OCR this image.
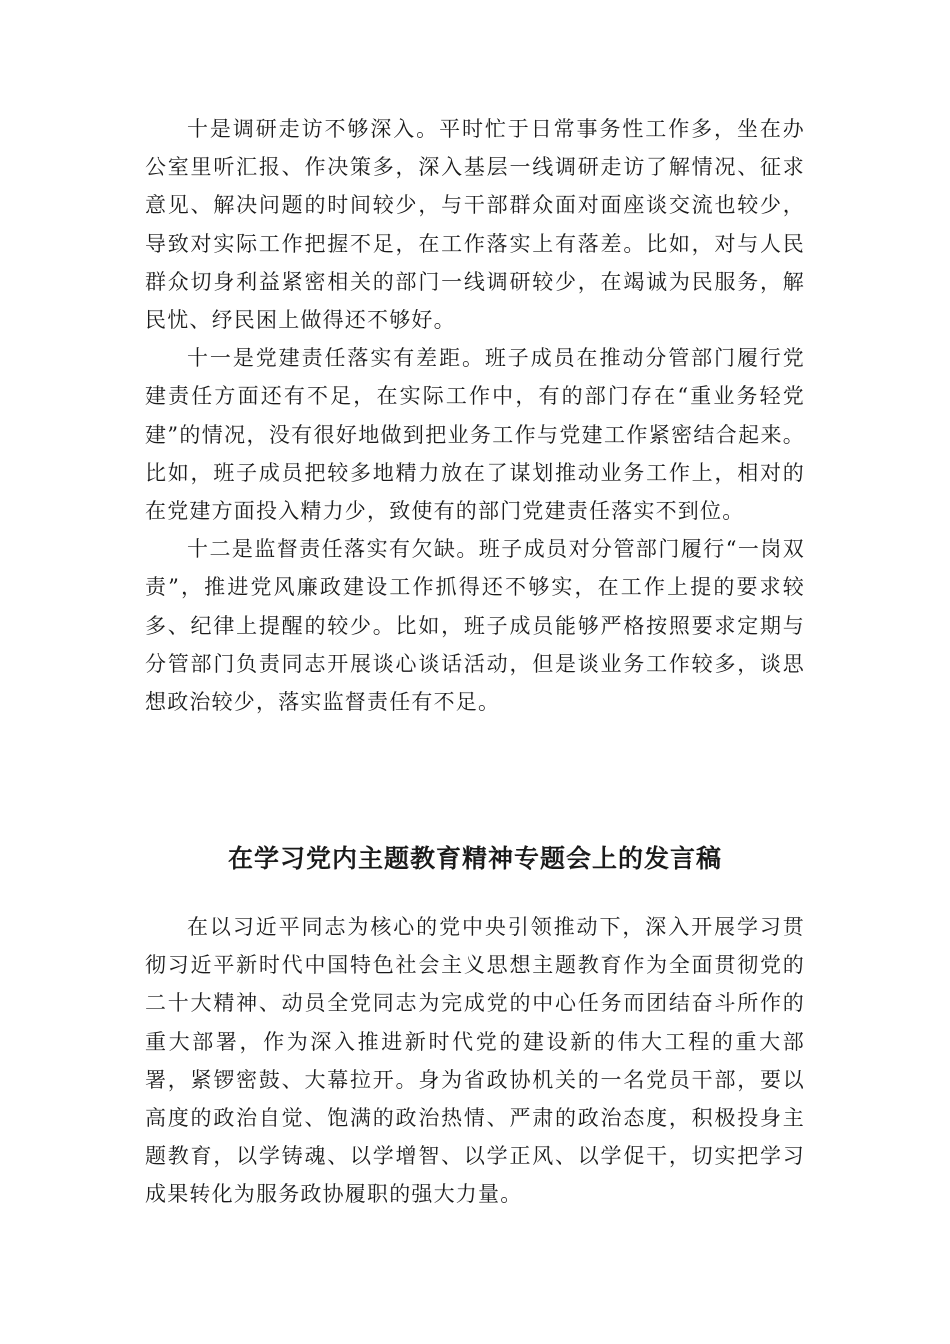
十是调研走访不够深入。平时忙于日常事务性工作多，坐在办公室里听汇报、作决策多，深入基层一线调研走访了解情况、征求意见、解决问题的时间较少，与干部群众面对面座谈交流也较少，导致对实际工作把握不足，在工作落实上有落差。比如，对与人民群众切身利益紧密相关的部门一线调研较少，在竭诚为民服务，解民忧、纾民困上做得还不够好。

十一是党建责任落实有差距。班子成员在推动分管部门履行党建责任方面还有不足，在实际工作中，有的部门存在“重业务轻党建”的情况，没有很好地做到把业务工作与党建工作紧密结合起来。比如，班子成员把较多地精力放在了谋划推动业务工作上，相对的在党建方面投入精力少，致使有的部门党建责任落实不到位。

十二是监督责任落实有欠缺。班子成员对分管部门履行“一岗双责”，推进党风廉政建设工作抓得还不够实，在工作上提的要求较多、纪律上提醒的较少。比如，班子成员能够严格按照要求定期与分管部门负责同志开展谈心谈话活动，但是谈业务工作较多，谈思想政治较少，落实监督责任有不足。

在学习党内主题教育精神专题会上的发言稿

在以习近平同志为核心的党中央引领推动下，深入开展学习贯彻习近平新时代中国特色社会主义思想主题教育作为全面贯彻党的二十大精神、动员全党同志为完成党的中心任务而团结奋斗所作的重大部署，作为深入推进新时代党的建设新的伟大工程的重大部署，紧锣密鼓、大幕拉开。身为省政协机关的一名党员干部，要以高度的政治自觉、饱满的政治热情、严肃的政治态度，积极投身主题教育，以学铸魂、以学增智、以学正风、以学促干，切实把学习成果转化为服务政协履职的强大力量。
